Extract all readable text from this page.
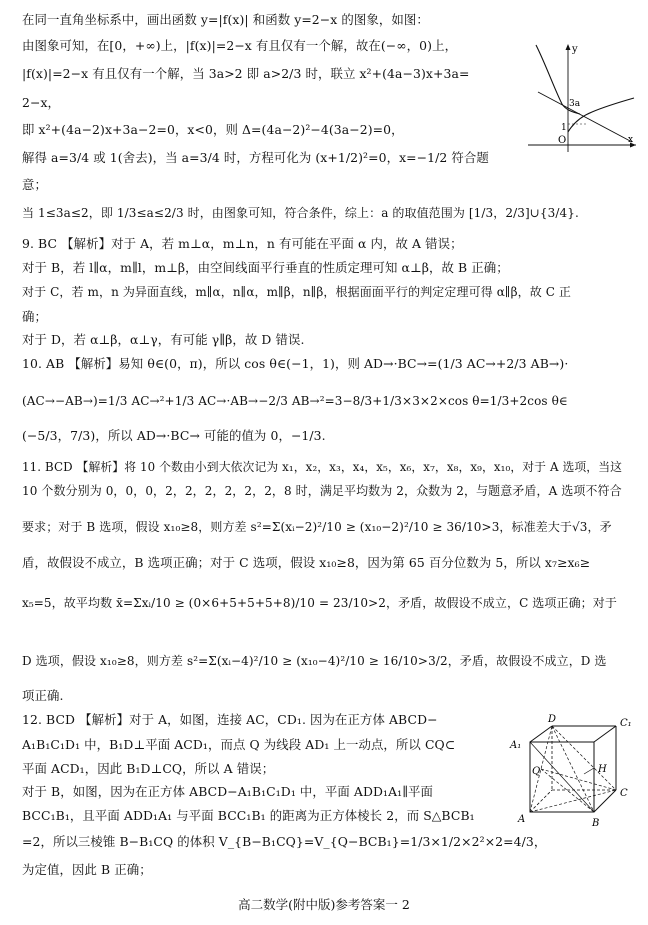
在同一直角坐标系中，画出函数 y=|f(x)| 和函数 y=2−x 的图象，如图：
由图象可知，在[0，+∞)上，|f(x)|=2−x 有且仅有一个解，故在(−∞，0)上，
|f(x)|=2−x 有且仅有一个解，当 3a>2 即 a>2/3 时，联立 x²+(4a−3)x+3a=
2−x，
即 x²+(4a−2)x+3a−2=0，x<0，则 Δ=(4a−2)²−4(3a−2)=0，
解得 a=3/4 或 1(舍去)，当 a=3/4 时，方程可化为 (x+1/2)²=0，x=−1/2 符合题
意；
当 1≤3a≤2，即 1/3≤a≤2/3 时，由图象可知，符合条件，综上：a 的取值范围为 [1/3，2/3]∪{3/4}.
9. BC 【解析】对于 A，若 m⊥α，m⊥n，n 有可能在平面 α 内，故 A 错误；
对于 B，若 l∥α，m∥l，m⊥β，由空间线面平行垂直的性质定理可知 α⊥β，故 B 正确；
对于 C，若 m，n 为异面直线，m∥α，n∥α，m∥β，n∥β，根据面面平行的判定定理可得 α∥β，故 C 正
确；
对于 D，若 α⊥β，α⊥γ，有可能 γ∥β，故 D 错误.
10. AB 【解析】易知 θ∈(0，π)，所以 cos θ∈(−1，1)，则 AD→·BC→=(1/3 AC→+2/3 AB→)·
(AC→−AB→)=1/3 AC→²+1/3 AC→·AB→−2/3 AB→²=3−8/3+1/3×3×2×cos θ=1/3+2cos θ∈
(−5/3，7/3)，所以 AD→·BC→ 可能的值为 0，−1/3.
11. BCD 【解析】将 10 个数由小到大依次记为 x₁，x₂，x₃，x₄，x₅，x₆，x₇，x₈，x₉，x₁₀，对于 A 选项，当这
10 个数分别为 0，0，0，2，2，2，2，2，2，8 时，满足平均数为 2，众数为 2，与题意矛盾，A 选项不符合
要求；对于 B 选项，假设 x₁₀≥8，则方差 s²=Σ(xᵢ−2)²/10 ≥ (x₁₀−2)²/10 ≥ 36/10>3，标准差大于√3，矛
盾，故假设不成立，B 选项正确；对于 C 选项，假设 x₁₀≥8，因为第 65 百分位数为 5，所以 x₇≥x₆≥
x₅=5，故平均数 x̄=Σxᵢ/10 ≥ (0×6+5+5+5+8)/10 = 23/10>2，矛盾，故假设不成立，C 选项正确；对于
D 选项，假设 x₁₀≥8，则方差 s²=Σ(xᵢ−4)²/10 ≥ (x₁₀−4)²/10 ≥ 16/10>3/2，矛盾，故假设不成立，D 选
项正确.
12. BCD 【解析】对于 A，如图，连接 AC，CD₁. 因为在正方体 ABCD−
A₁B₁C₁D₁ 中，B₁D⊥平面 ACD₁，而点 Q 为线段 AD₁ 上一动点，所以 CQ⊂
平面 ACD₁，因此 B₁D⊥CQ，所以 A 错误；
对于 B，如图，因为在正方体 ABCD−A₁B₁C₁D₁ 中，平面 ADD₁A₁∥平面
BCC₁B₁，且平面 ADD₁A₁ 与平面 BCC₁B₁ 的距离为正方体棱长 2，而 S△BCB₁
=2，所以三棱锥 B−B₁CQ 的体积 V_{B−B₁CQ}=V_{Q−BCB₁}=1/3×1/2×2²×2=4/3，
为定值，因此 B 正确；
y
O	x
3a
1
D	C₁
A₁
Q	H
C
A	B
高二数学(附中版)参考答案一 2
